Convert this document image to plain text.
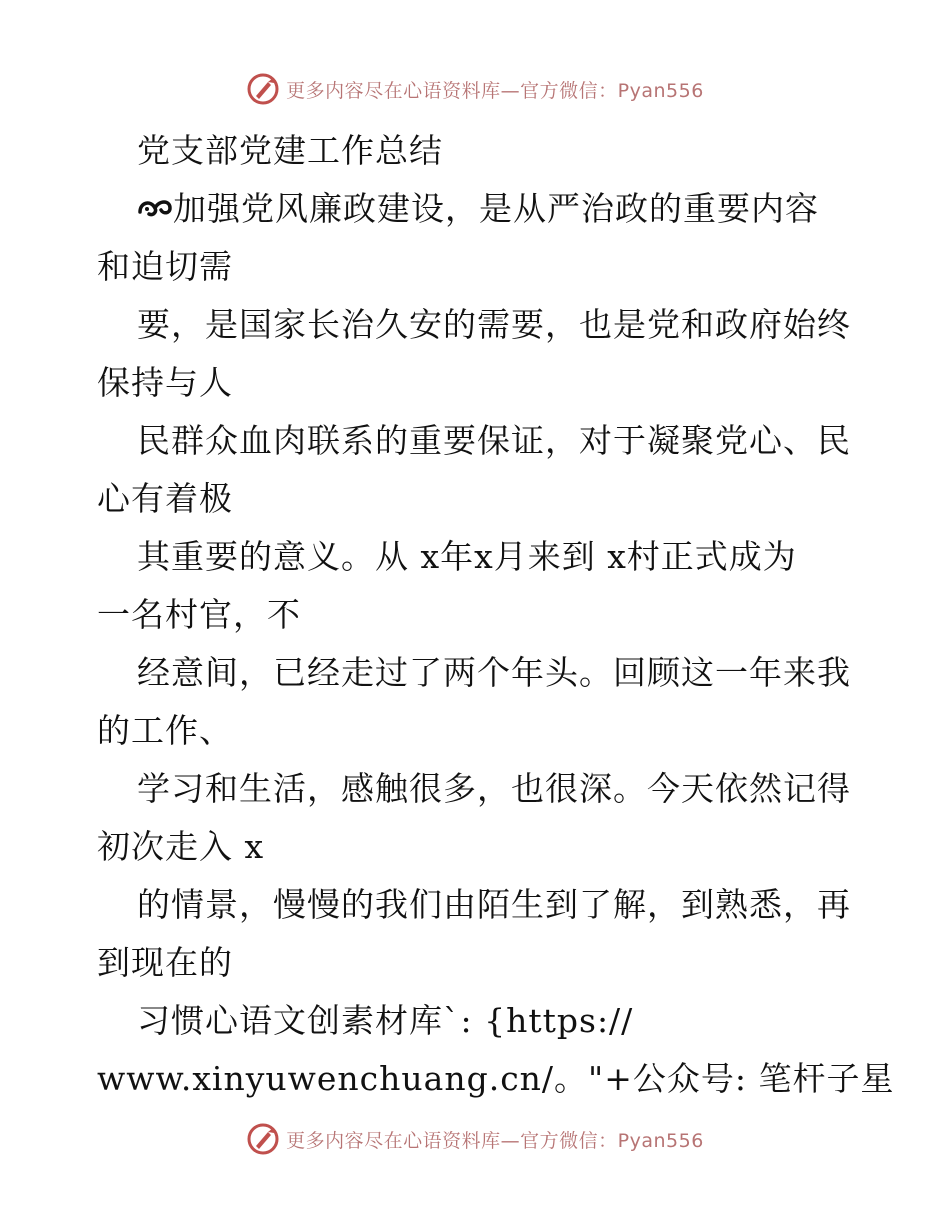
更多内容尽在心语资料库—官方微信：Pyan556
党支部党建工作总结
加强党风廉政建设，是从严治政的重要内容
和迫切需
要，是国家长治久安的需要，也是党和政府始终
保持与人
民群众血肉联系的重要保证，对于凝聚党心、民
心有着极
其重要的意义。从 x年x月来到 x村正式成为
一名村官，不
经意间，已经走过了两个年头。回顾这一年来我
的工作、
学习和生活，感触很多，也很深。今天依然记得
初次走入 x
的情景，慢慢的我们由陌生到了解，到熟悉，再
到现在的
习惯心语文创素材库`: {https://
www.xinyuwenchuang.cn/。"+公众号: 笔杆子星
更多内容尽在心语资料库—官方微信：Pyan556
